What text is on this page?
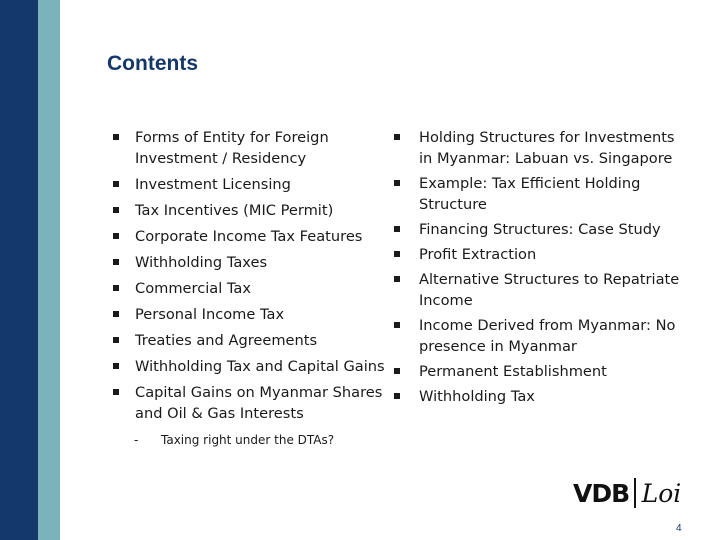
Contents
Forms of Entity for Foreign Investment / Residency
Investment Licensing
Tax Incentives (MIC Permit)
Corporate Income Tax Features
Withholding Taxes
Commercial Tax
Personal Income Tax
Treaties and Agreements
Withholding Tax and Capital Gains
Capital Gains on Myanmar Shares and Oil & Gas Interests
- Taxing right under the DTAs?
Holding Structures for Investments in Myanmar: Labuan vs. Singapore
Example: Tax Efficient Holding Structure
Financing Structures: Case Study
Profit Extraction
Alternative Structures to Repatriate Income
Income Derived from Myanmar: No presence in Myanmar
Permanent Establishment
Withholding Tax
VDB Loi
4
